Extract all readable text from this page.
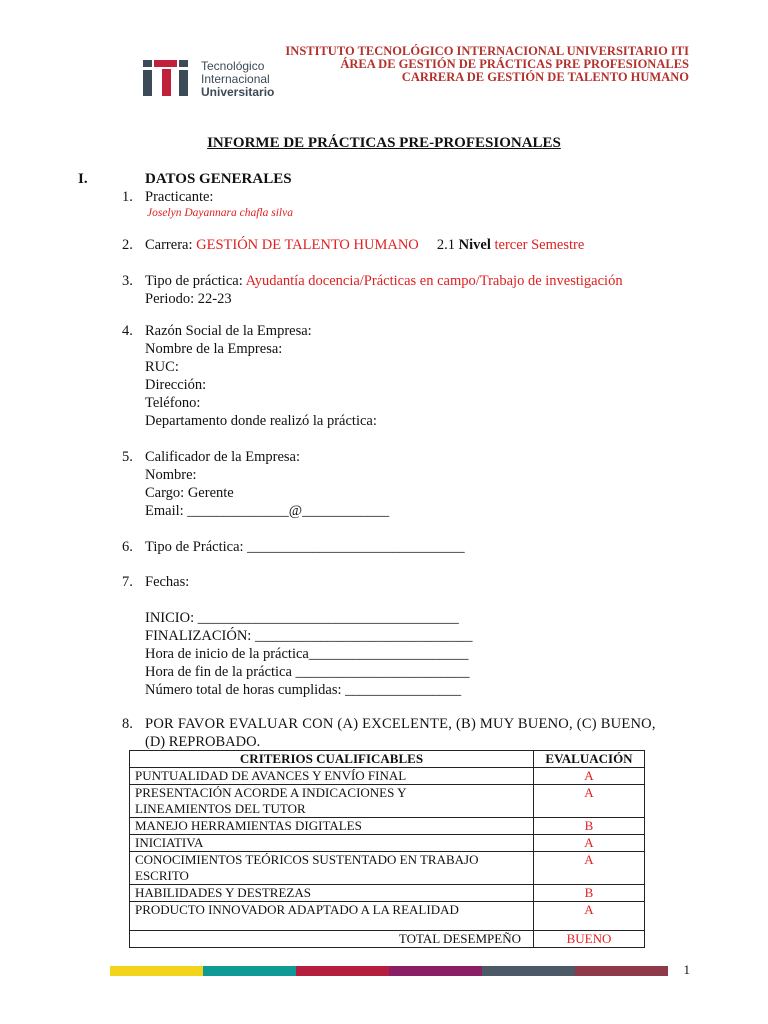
Tecnológico
Internacional
Universitario
INSTITUTO TECNOLÓGICO INTERNACIONAL UNIVERSITARIO ITI
ÁREA DE GESTIÓN DE PRÁCTICAS PRE PROFESIONALES
CARRERA DE GESTIÓN DE TALENTO HUMANO
INFORME DE PRÁCTICAS PRE-PROFESIONALES
I.	DATOS GENERALES
1. Practicante:
Joselyn Dayannara chafla silva
2. Carrera: GESTIÓN DE TALENTO HUMANO 2.1 Nivel tercer Semestre
3. Tipo de práctica: Ayudantía docencia/Prácticas en campo/Trabajo de investigación
Periodo: 22-23
4. Razón Social de la Empresa:
Nombre de la Empresa:
RUC:
Dirección:
Teléfono:
Departamento donde realizó la práctica:
5. Calificador de la Empresa:
Nombre:
Cargo: Gerente
Email: ______________@____________
6. Tipo de Práctica: ______________________________
7. Fechas:
INICIO: ____________________________________
FINALIZACIÓN: ______________________________
Hora de inicio de la práctica______________________
Hora de fin de la práctica ________________________
Número total de horas cumplidas: ________________
8. POR FAVOR EVALUAR CON (A) EXCELENTE, (B) MUY BUENO, (C) BUENO,
(D) REPROBADO.
CRITERIOS CUALIFICABLES	EVALUACIÓN
PUNTUALIDAD DE AVANCES Y ENVÍO FINAL	A
PRESENTACIÓN ACORDE A INDICACIONES Y LINEAMIENTOS DEL TUTOR	A
MANEJO HERRAMIENTAS DIGITALES	B
INICIATIVA	A
CONOCIMIENTOS TEÓRICOS SUSTENTADO EN TRABAJO ESCRITO	A
HABILIDADES Y DESTREZAS	B
PRODUCTO INNOVADOR ADAPTADO A LA REALIDAD	A
TOTAL DESEMPEÑO	BUENO
1
